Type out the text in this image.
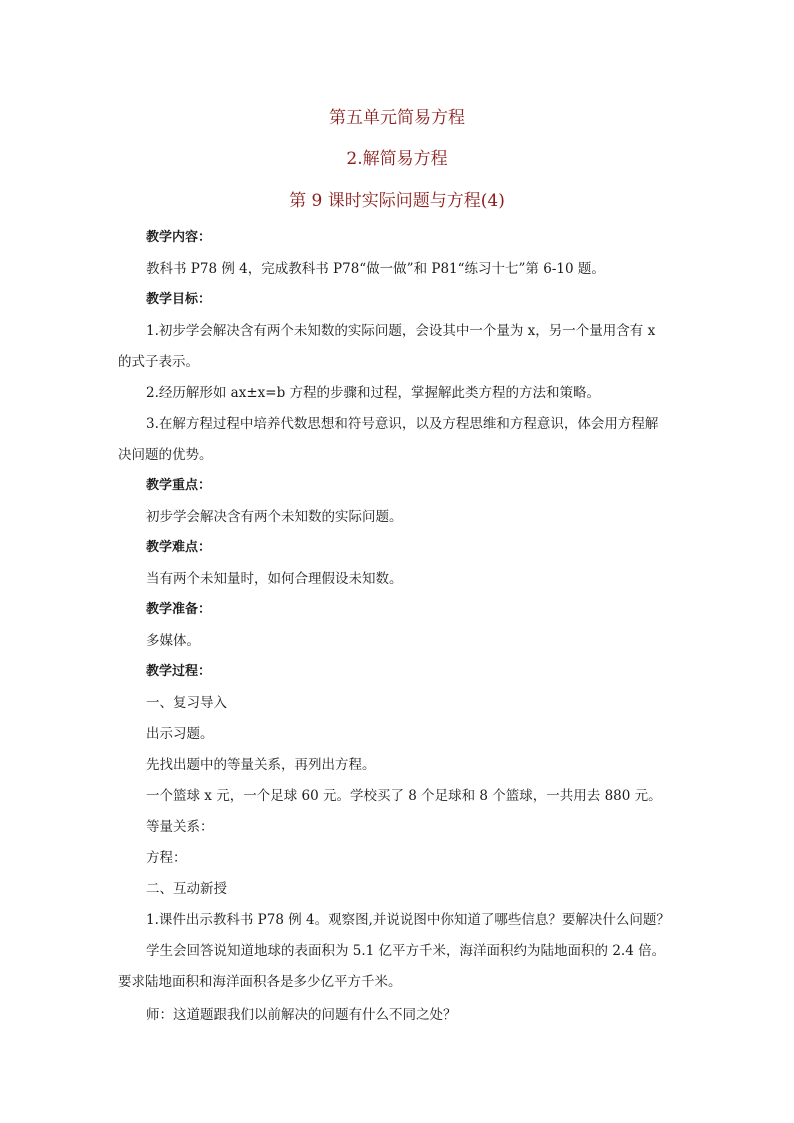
第五单元简易方程
2.解简易方程
第 9 课时实际问题与方程(4)
教学内容：
教科书 P78 例 4，完成教科书 P78“做一做”和 P81“练习十七”第 6-10 题。
教学目标：
1.初步学会解决含有两个未知数的实际问题，会设其中一个量为 x，另一个量用含有 x
的式子表示。
2.经历解形如 ax±x=b 方程的步骤和过程，掌握解此类方程的方法和策略。
3.在解方程过程中培养代数思想和符号意识，以及方程思维和方程意识，体会用方程解
决问题的优势。
教学重点：
初步学会解决含有两个未知数的实际问题。
教学难点：
当有两个未知量时，如何合理假设未知数。
教学准备：
多媒体。
教学过程：
一、复习导入
出示习题。
先找出题中的等量关系，再列出方程。
一个篮球 x 元，一个足球 60 元。学校买了 8 个足球和 8 个篮球，一共用去 880 元。
等量关系：
方程：
二、互动新授
1.课件出示教科书 P78 例 4。观察图,并说说图中你知道了哪些信息？要解决什么问题？
学生会回答说知道地球的表面积为 5.1 亿平方千米，海洋面积约为陆地面积的 2.4 倍。
要求陆地面积和海洋面积各是多少亿平方千米。
师：这道题跟我们以前解决的问题有什么不同之处？
